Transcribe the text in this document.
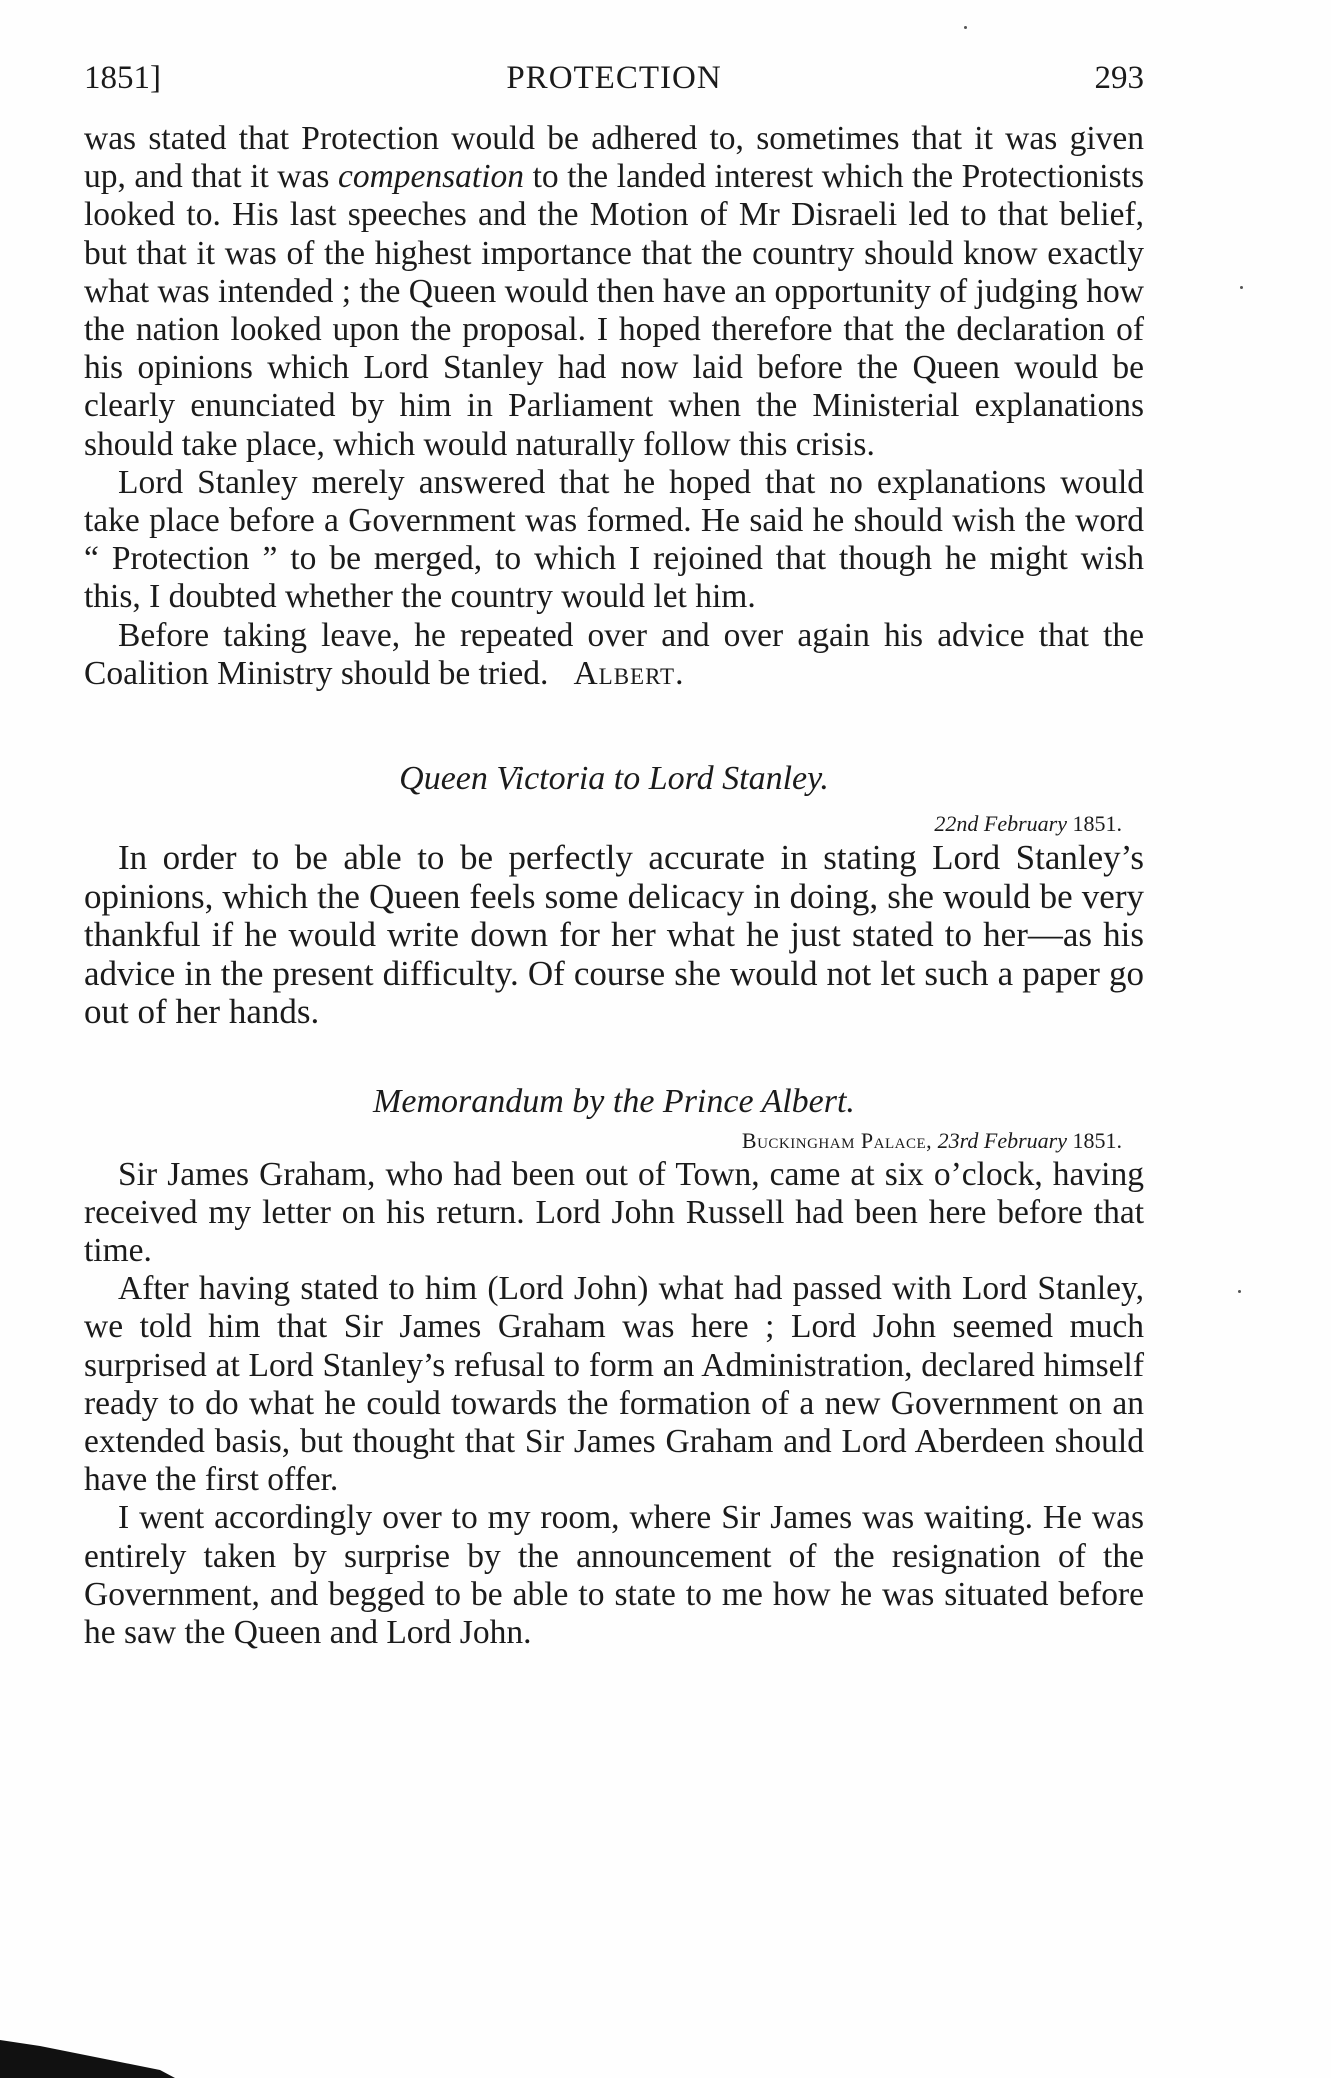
1851]	PROTECTION	293

was stated that Protection would be adhered to, sometimes that it was given up, and that it was compensation to the landed interest which the Protectionists looked to. His last speeches and the Motion of Mr Disraeli led to that belief, but that it was of the highest importance that the country should know exactly what was intended ; the Queen would then have an opportunity of judging how the nation looked upon the proposal. I hoped therefore that the declaration of his opinions which Lord Stanley had now laid before the Queen would be clearly enunciated by him in Parliament when the Ministerial explanations should take place, which would naturally follow this crisis.

Lord Stanley merely answered that he hoped that no explanations would take place before a Government was formed. He said he should wish the word “ Protection ” to be merged, to which I rejoined that though he might wish this, I doubted whether the country would let him.

Before taking leave, he repeated over and over again his advice that the Coalition Ministry should be tried. Albert.

Queen Victoria to Lord Stanley.
22nd February 1851.

In order to be able to be perfectly accurate in stating Lord Stanley’s opinions, which the Queen feels some delicacy in doing, she would be very thankful if he would write down for her what he just stated to her—as his advice in the present difficulty. Of course she would not let such a paper go out of her hands.

Memorandum by the Prince Albert.
Buckingham Palace, 23rd February 1851.

Sir James Graham, who had been out of Town, came at six o’clock, having received my letter on his return. Lord John Russell had been here before that time.

After having stated to him (Lord John) what had passed with Lord Stanley, we told him that Sir James Graham was here ; Lord John seemed much surprised at Lord Stanley’s refusal to form an Administration, declared himself ready to do what he could towards the formation of a new Government on an extended basis, but thought that Sir James Graham and Lord Aberdeen should have the first offer.

I went accordingly over to my room, where Sir James was waiting. He was entirely taken by surprise by the announcement of the resignation of the Government, and begged to be able to state to me how he was situated before he saw the Queen and Lord John.
